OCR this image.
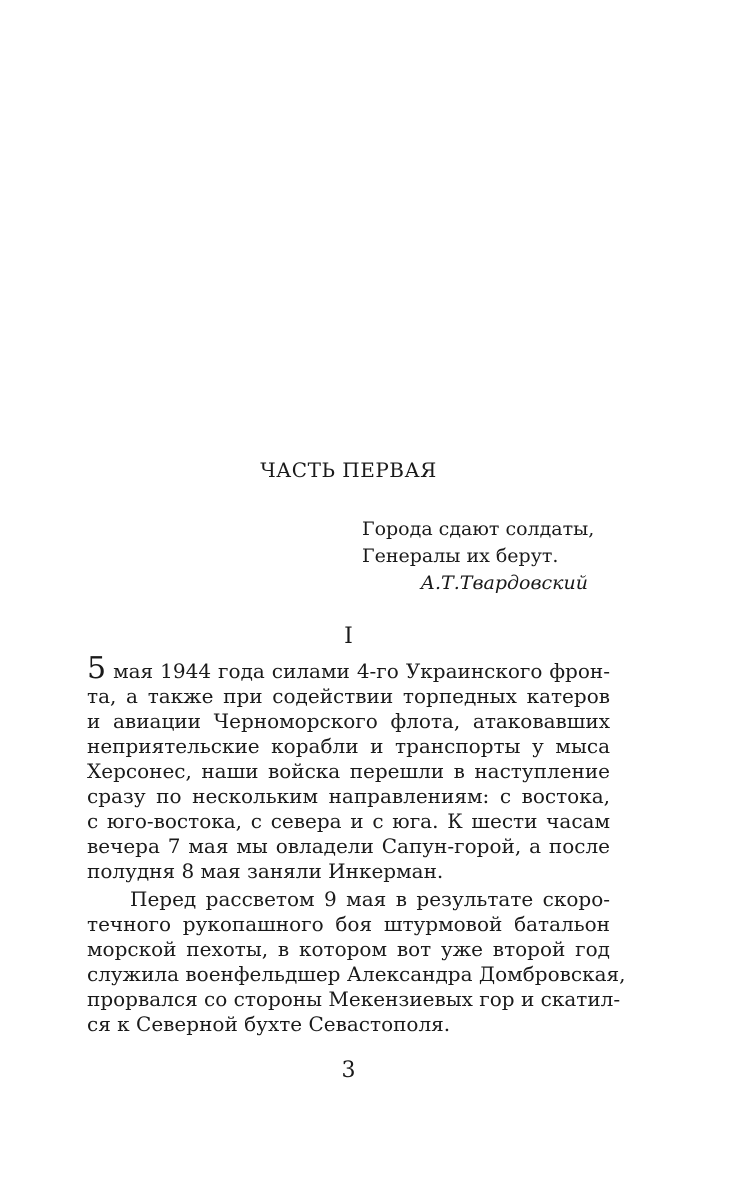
ЧАСТЬ ПЕРВАЯ
Города сдают солдаты,
Генералы их берут.
А.Т.Твардовский
I
5 мая 1944 года силами 4-го Украинского фрон-
та, а также при содействии торпедных катеров
и авиации Черноморского флота, атаковавших
неприятельские корабли и транспорты у мыса
Херсонес, наши войска перешли в наступление
сразу по нескольким направлениям: с востока,
с юго-востока, с севера и с юга. К шести часам
вечера 7 мая мы овладели Сапун-горой, а после
полудня 8 мая заняли Инкерман.
Перед рассветом 9 мая в результате скоро-
течного рукопашного боя штурмовой батальон
морской пехоты, в котором вот уже второй год
служила военфельдшер Александра Домбровская,
прорвался со стороны Мекензиевых гор и скатил-
ся к Северной бухте Севастополя.
3
